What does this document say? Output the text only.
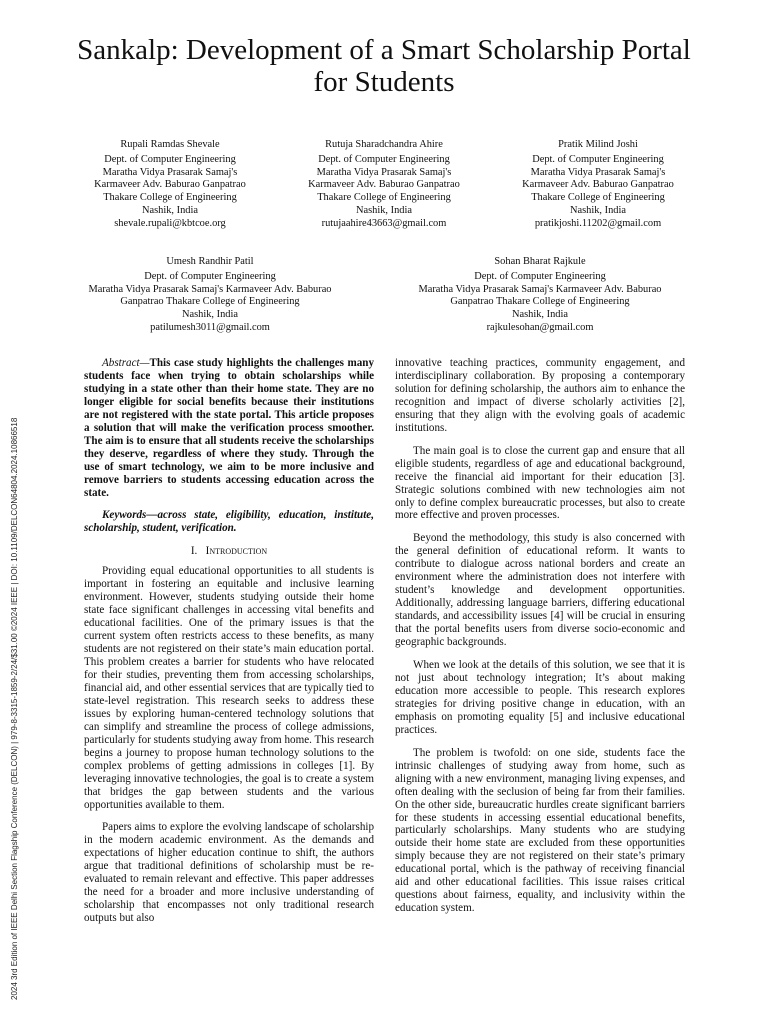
2024 3rd Edition of IEEE Delhi Section Flagship Conference (DELCON) | 979-8-3315-1859-2/24/$31.00 ©2024 IEEE | DOI: 10.1109/DELCON64804.2024.10866518
Sankalp: Development of a Smart Scholarship Portal for Students
Rupali Ramdas Shevale
Dept. of Computer Engineering
Maratha Vidya Prasarak Samaj's
Karmaveer Adv. Baburao Ganpatrao
Thakare College of Engineering
Nashik, India
shevale.rupali@kbtcoe.org
Rutuja Sharadchandra Ahire
Dept. of Computer Engineering
Maratha Vidya Prasarak Samaj's
Karmaveer Adv. Baburao Ganpatrao
Thakare College of Engineering
Nashik, India
rutujaahire43663@gmail.com
Pratik Milind Joshi
Dept. of Computer Engineering
Maratha Vidya Prasarak Samaj's
Karmaveer Adv. Baburao Ganpatrao
Thakare College of Engineering
Nashik, India
pratikjoshi.11202@gmail.com
Umesh Randhir Patil
Dept. of Computer Engineering
Maratha Vidya Prasarak Samaj's Karmaveer Adv. Baburao
Ganpatrao Thakare College of Engineering
Nashik, India
patilumesh3011@gmail.com
Sohan Bharat Rajkule
Dept. of Computer Engineering
Maratha Vidya Prasarak Samaj's Karmaveer Adv. Baburao
Ganpatrao Thakare College of Engineering
Nashik, India
rajkulesohan@gmail.com

Abstract—This case study highlights the challenges many students face when trying to obtain scholarships while studying in a state other than their home state. They are no longer eligible for social benefits because their institutions are not registered with the state portal. This article proposes a solution that will make the verification process smoother. The aim is to ensure that all students receive the scholarships they deserve, regardless of where they study. Through the use of smart technology, we aim to be more inclusive and remove barriers to students accessing education across the state.

Keywords—across state, eligibility, education, institute, scholarship, student, verification.

I. Introduction

Providing equal educational opportunities to all students is important in fostering an equitable and inclusive learning environment. However, students studying outside their home state face significant challenges in accessing vital benefits and educational facilities. One of the primary issues is that the current system often restricts access to these benefits, as many students are not registered on their state’s main education portal. This problem creates a barrier for students who have relocated for their studies, preventing them from accessing scholarships, financial aid, and other essential services that are typically tied to state-level registration. This research seeks to address these issues by exploring human-centered technology solutions that can simplify and streamline the process of college admissions, particularly for students studying away from home. This research begins a journey to propose human technology solutions to the complex problems of getting admissions in colleges [1]. By leveraging innovative technologies, the goal is to create a system that bridges the gap between students and the various opportunities available to them.

Papers aims to explore the evolving landscape of scholarship in the modern academic environment. As the demands and expectations of higher education continue to shift, the authors argue that traditional definitions of scholarship must be re-evaluated to remain relevant and effective. This paper addresses the need for a broader and more inclusive understanding of scholarship that encompasses not only traditional research outputs but also

innovative teaching practices, community engagement, and interdisciplinary collaboration. By proposing a contemporary solution for defining scholarship, the authors aim to enhance the recognition and impact of diverse scholarly activities [2], ensuring that they align with the evolving goals of academic institutions.

The main goal is to close the current gap and ensure that all eligible students, regardless of age and educational background, receive the financial aid important for their education [3]. Strategic solutions combined with new technologies aim not only to define complex bureaucratic processes, but also to create more effective and proven processes.

Beyond the methodology, this study is also concerned with the general definition of educational reform. It wants to contribute to dialogue across national borders and create an environment where the administration does not interfere with student’s knowledge and development opportunities. Additionally, addressing language barriers, differing educational standards, and accessibility issues [4] will be crucial in ensuring that the portal benefits users from diverse socio-economic and geographic backgrounds.

When we look at the details of this solution, we see that it is not just about technology integration; It’s about making education more accessible to people. This research explores strategies for driving positive change in education, with an emphasis on promoting equality [5] and inclusive educational practices.

The problem is twofold: on one side, students face the intrinsic challenges of studying away from home, such as aligning with a new environment, managing living expenses, and often dealing with the seclusion of being far from their families. On the other side, bureaucratic hurdles create significant barriers for these students in accessing essential educational benefits, particularly scholarships. Many students who are studying outside their home state are excluded from these opportunities simply because they are not registered on their state’s primary educational portal, which is the pathway of receiving financial aid and other educational facilities. This issue raises critical questions about fairness, equality, and inclusivity within the education system.
